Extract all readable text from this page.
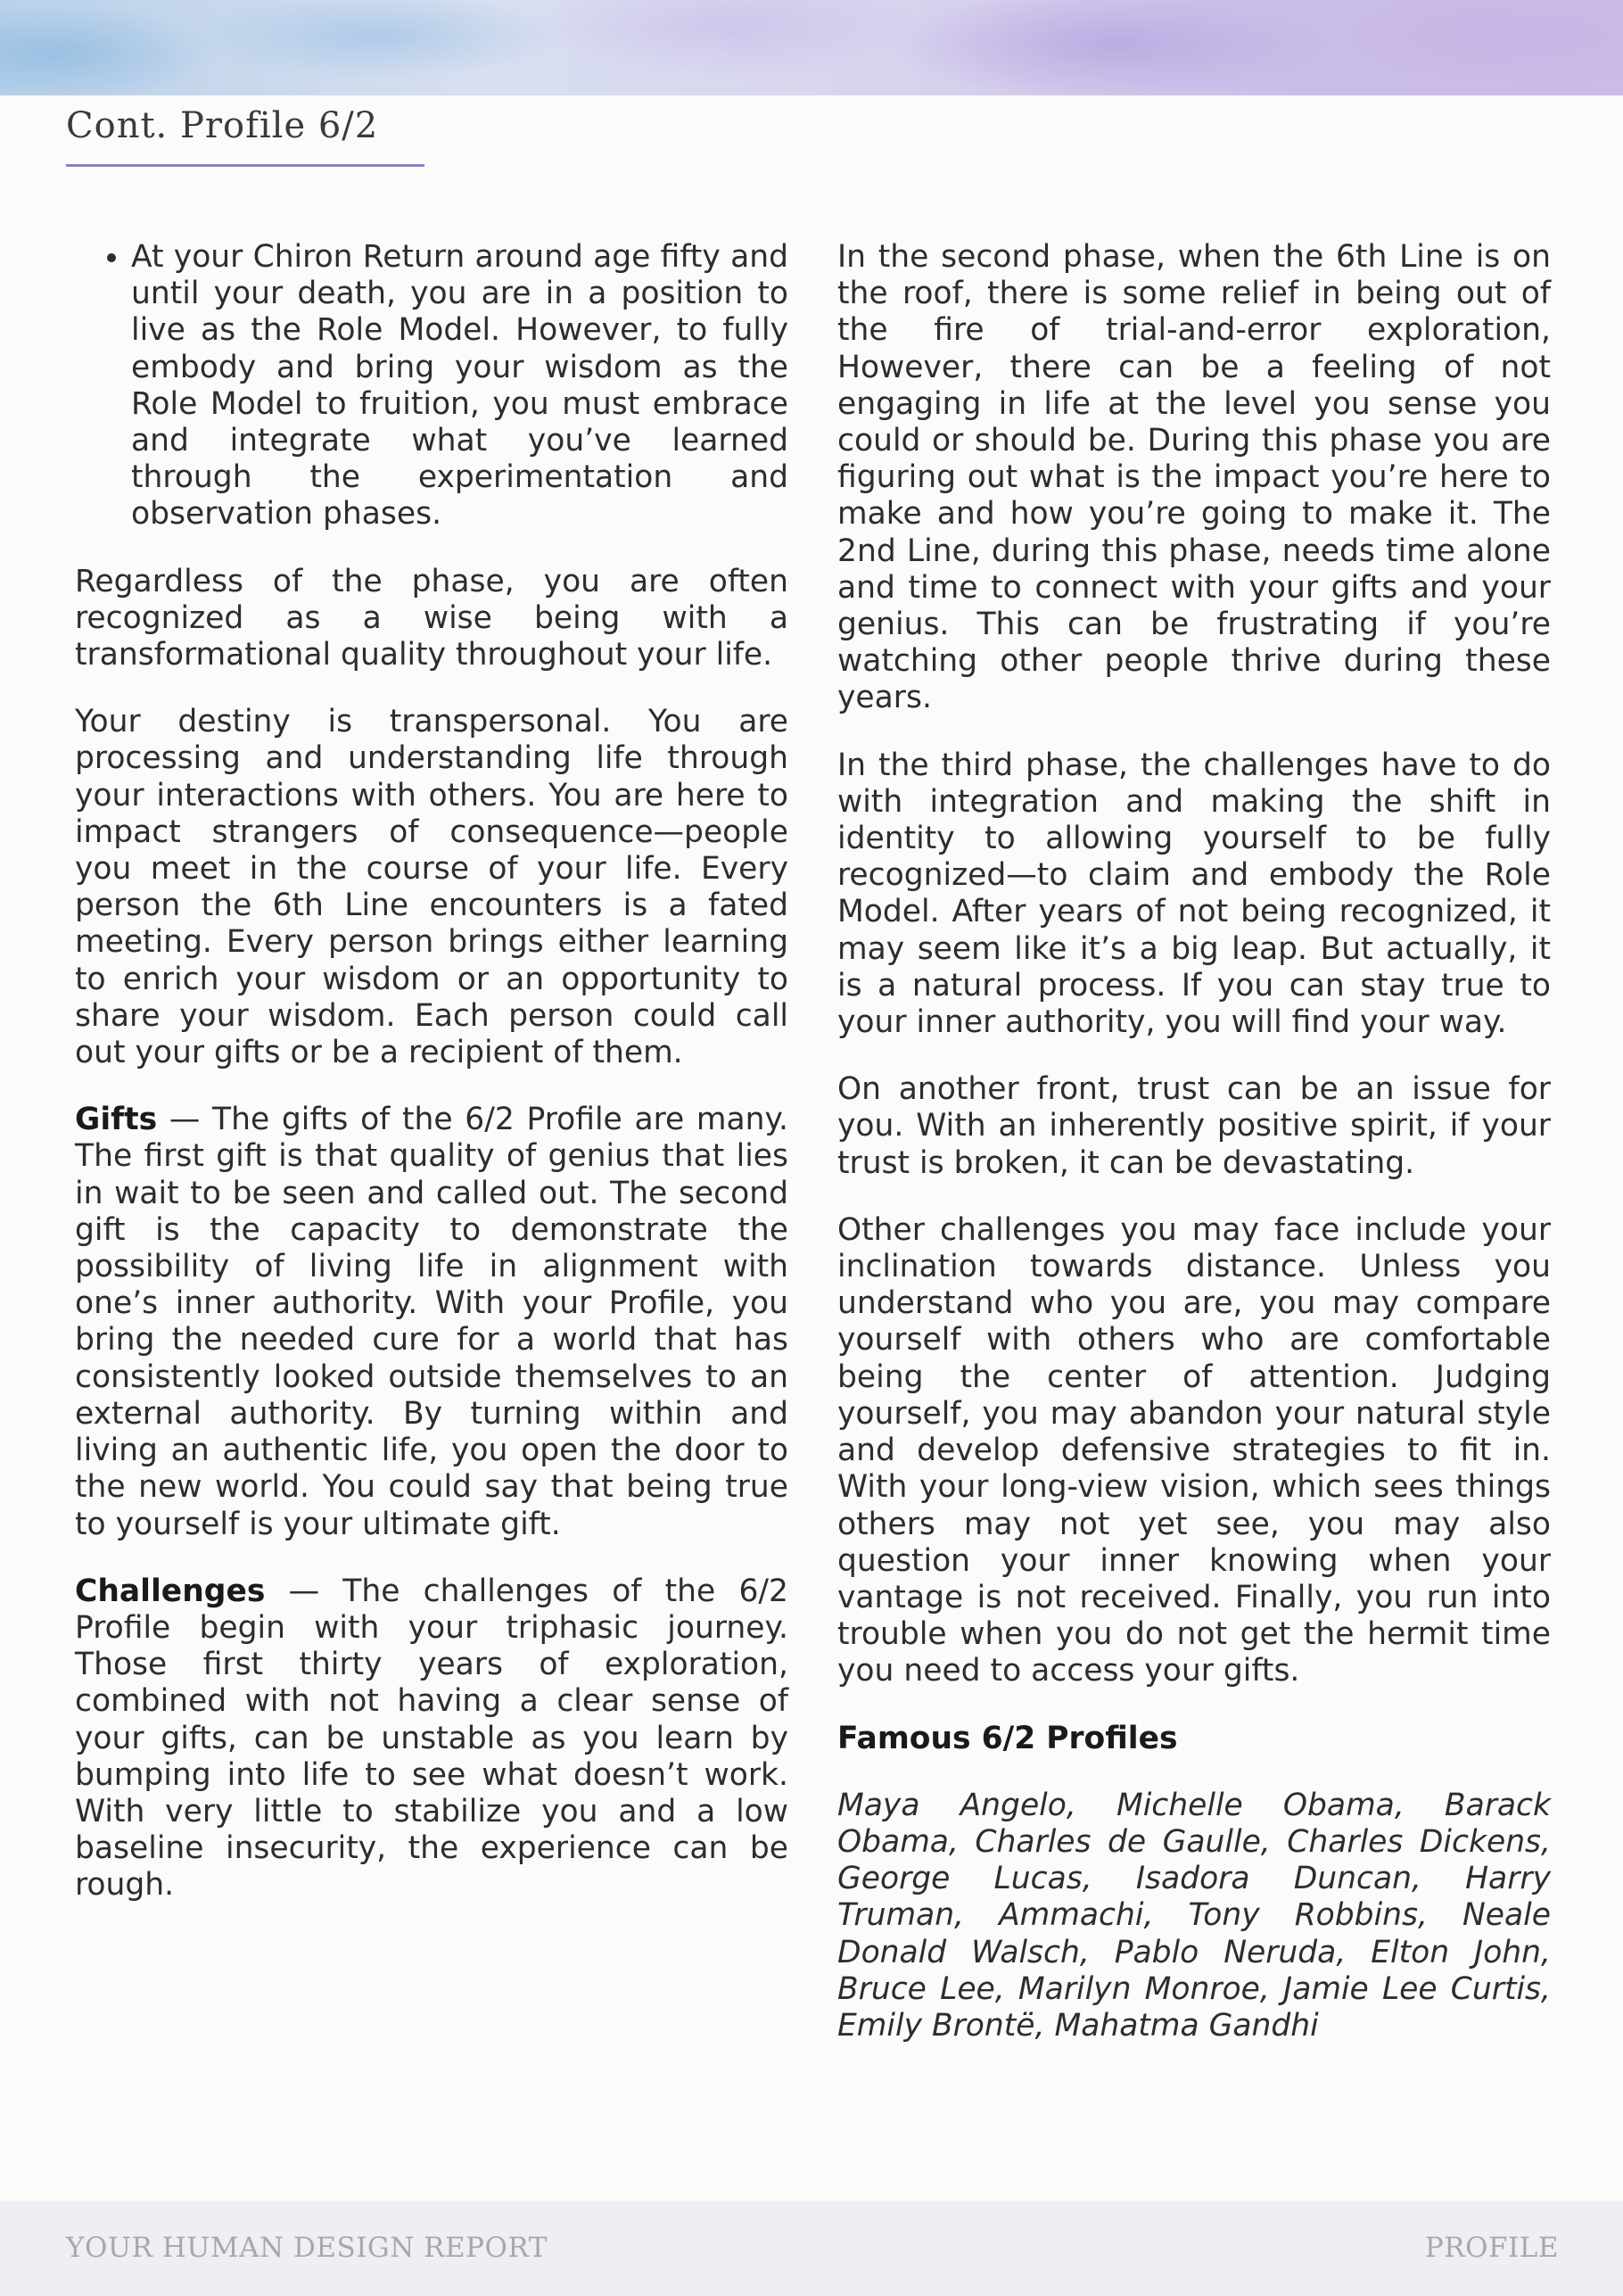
Cont. Profile 6/2
• At your Chiron Return around age fifty and until your death, you are in a position to live as the Role Model. However, to fully embody and bring your wisdom as the Role Model to fruition, you must embrace and integrate what you’ve learned through the experimentation and observation phases.

Regardless of the phase, you are often recognized as a wise being with a transformational quality throughout your life.

Your destiny is transpersonal. You are processing and understanding life through your interactions with others. You are here to impact strangers of consequence—people you meet in the course of your life. Every person the 6th Line encounters is a fated meeting. Every person brings either learning to enrich your wisdom or an opportunity to share your wisdom. Each person could call out your gifts or be a recipient of them.

Gifts — The gifts of the 6/2 Profile are many. The first gift is that quality of genius that lies in wait to be seen and called out. The second gift is the capacity to demonstrate the possibility of living life in alignment with one’s inner authority. With your Profile, you bring the needed cure for a world that has consistently looked outside themselves to an external authority. By turning within and living an authentic life, you open the door to the new world. You could say that being true to yourself is your ultimate gift.

Challenges — The challenges of the 6/2 Profile begin with your triphasic journey. Those first thirty years of exploration, combined with not having a clear sense of your gifts, can be unstable as you learn by bumping into life to see what doesn’t work. With very little to stabilize you and a low baseline insecurity, the experience can be rough.

In the second phase, when the 6th Line is on the roof, there is some relief in being out of the fire of trial-and-error exploration, However, there can be a feeling of not engaging in life at the level you sense you could or should be. During this phase you are figuring out what is the impact you’re here to make and how you’re going to make it. The 2nd Line, during this phase, needs time alone and time to connect with your gifts and your genius. This can be frustrating if you’re watching other people thrive during these years.

In the third phase, the challenges have to do with integration and making the shift in identity to allowing yourself to be fully recognized—to claim and embody the Role Model. After years of not being recognized, it may seem like it’s a big leap. But actually, it is a natural process. If you can stay true to your inner authority, you will find your way.

On another front, trust can be an issue for you. With an inherently positive spirit, if your trust is broken, it can be devastating.

Other challenges you may face include your inclination towards distance. Unless you understand who you are, you may compare yourself with others who are comfortable being the center of attention. Judging yourself, you may abandon your natural style and develop defensive strategies to fit in. With your long-view vision, which sees things others may not yet see, you may also question your inner knowing when your vantage is not received. Finally, you run into trouble when you do not get the hermit time you need to access your gifts.

Famous 6/2 Profiles

Maya Angelo, Michelle Obama, Barack Obama, Charles de Gaulle, Charles Dickens, George Lucas, Isadora Duncan, Harry Truman, Ammachi, Tony Robbins, Neale Donald Walsch, Pablo Neruda, Elton John, Bruce Lee, Marilyn Monroe, Jamie Lee Curtis, Emily Brontë, Mahatma Gandhi

YOUR HUMAN DESIGN REPORT	PROFILE
